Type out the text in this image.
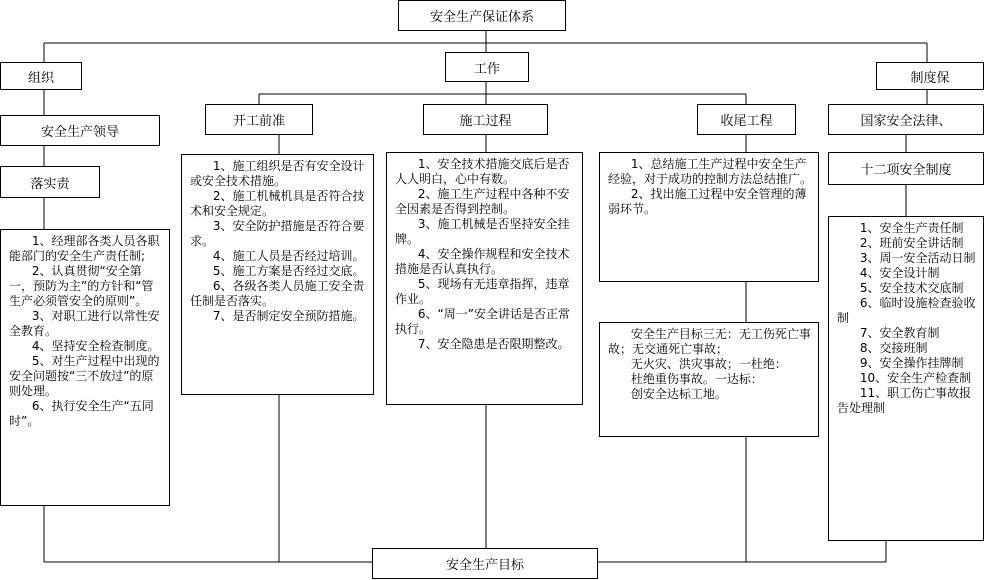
安全生产保证体系
组织
工作
制度保
安全生产领导
落实责
1、经理部各类人员各职能部门的安全生产责任制;
2、认真贯彻“安全第一，预防为主”的方针和“管生产必须管安全的原则”。
3、对职工进行以常性安全教育。
4、坚持安全检查制度。
5、对生产过程中出现的安全问题按“三不放过”的原则处理。
6、执行安全生产“五同时”。
开工前准	施工过程	收尾工程
1、施工组织是否有安全设计或安全技术措施。
2、施工机械机具是否符合技术和安全规定。
3、安全防护措施是否符合要求。
4、施工人员是否经过培训。
5、施工方案是否经过交底。
6、各级各类人员施工安全责任制是否落实。
7、是否制定安全预防措施。
1、安全技术措施交底后是否人人明白，心中有数。
2、施工生产过程中各种不安全因素是否得到控制。
3、施工机械是否坚持安全挂牌。
4、安全操作规程和安全技术措施是否认真执行。
5、现场有无违章指挥，违章作业。
6、“周一”安全讲话是否正常执行。
7、安全隐患是否限期整改。
1、总结施工生产过程中安全生产经验，对于成功的控制方法总结推广。
2、找出施工过程中安全管理的薄弱环节。
安全生产目标三无：无工伤死亡事故；无交通死亡事故；
无火灾、洪灾事故；一杜绝：
杜绝重伤事故。一达标：
创安全达标工地。
国家安全法律、
十二项安全制度
1、安全生产责任制
2、班前安全讲话制
3、周一安全活动日制
4、安全设计制
5、安全技术交底制
6、临时设施检查验收制
7、安全教育制
8、交接班制
9、安全操作挂牌制
10、安全生产检查制
11、职工伤亡事故报告处理制
安全生产目标
